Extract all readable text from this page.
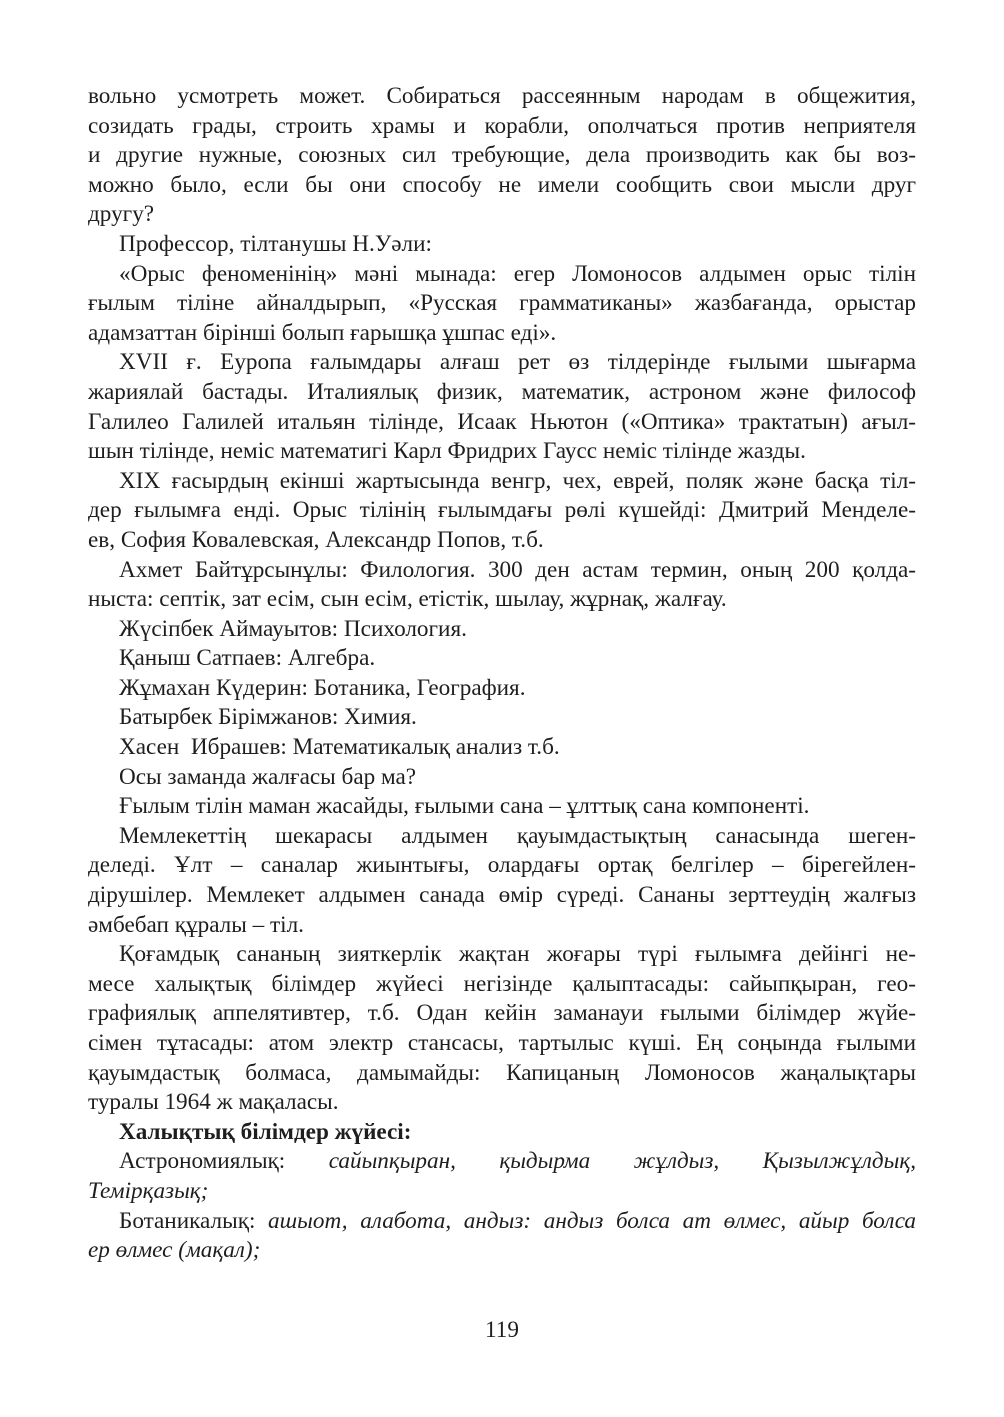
вольно усмотреть может. Собираться рассеянным народам в общежития,
созидать грады, строить храмы и корабли, ополчаться против неприятеля
и другие нужные, союзных сил требующие, дела производить как бы воз-
можно было, если бы они способу не имели сообщить свои мысли друг
другу?
Профессор, тілтанушы Н.Уәли:
«Орыс феноменінің» мәні мынада: егер Ломоносов алдымен орыс тілін
ғылым тіліне айналдырып, «Русская грамматиканы» жазбағанда, орыстар
адамзаттан бірінші болып ғарышқа ұшпас еді».
XVII ғ. Еуропа ғалымдары алғаш рет өз тілдерінде ғылыми шығарма
жариялай бастады. Италиялық физик, математик, астроном және философ
Галилео Галилей итальян тілінде, Исаак Ньютон («Оптика» трактатын) ағыл-
шын тілінде, неміс математигі Карл Фридрих Гаусс неміс тілінде жазды.
XIX ғасырдың екінші жартысында венгр, чех, еврей, поляк және басқа тіл-
дер ғылымға енді. Орыс тілінің ғылымдағы рөлі күшейді: Дмитрий Менделе-
ев, София Ковалевская, Александр Попов, т.б.
Ахмет Байтұрсынұлы: Филология. 300 ден астам термин, оның 200 қолда-
ныста: септік, зат есім, сын есім, етістік, шылау, жұрнақ, жалғау.
Жүсіпбек Аймауытов: Психология.
Қаныш Сатпаев: Алгебра.
Жұмахан Күдерин: Ботаника, География.
Батырбек Бірімжанов: Химия.
Хасен  Ибрашев: Математикалық анализ т.б.
Осы заманда жалғасы бар ма?
Ғылым тілін маман жасайды, ғылыми сана – ұлттық сана компоненті.
Мемлекеттің шекарасы алдымен қауымдастықтың санасында шеген-
деледі. Ұлт – саналар жиынтығы, олардағы ортақ белгілер – бірегейлен-
дірушілер. Мемлекет алдымен санада өмір сүреді. Сананы зерттеудің жалғыз
әмбебап құралы – тіл.
Қоғамдық сананың зияткерлік жақтан жоғары түрі ғылымға дейінгі не-
месе халықтық білімдер жүйесі негізінде қалыптасады: сайыпқыран, гео-
графиялық аппелятивтер, т.б. Одан кейін заманауи ғылыми білімдер жүйе-
сімен тұтасады: атом электр стансасы, тартылыс күші. Ең соңында ғылыми
қауымдастық болмаса, дамымайды: Капицаның Ломоносов жаңалықтары
туралы 1964 ж мақаласы.
Халықтық білімдер жүйесі:
Астрономиялық: сайыпқыран, қыдырма жұлдыз, Қызылжұлдық,
Темірқазық;
Ботаникалық: ашыот, алабота, андыз: андыз болса ат өлмес, айыр болса
ер өлмес (мақал);
119
